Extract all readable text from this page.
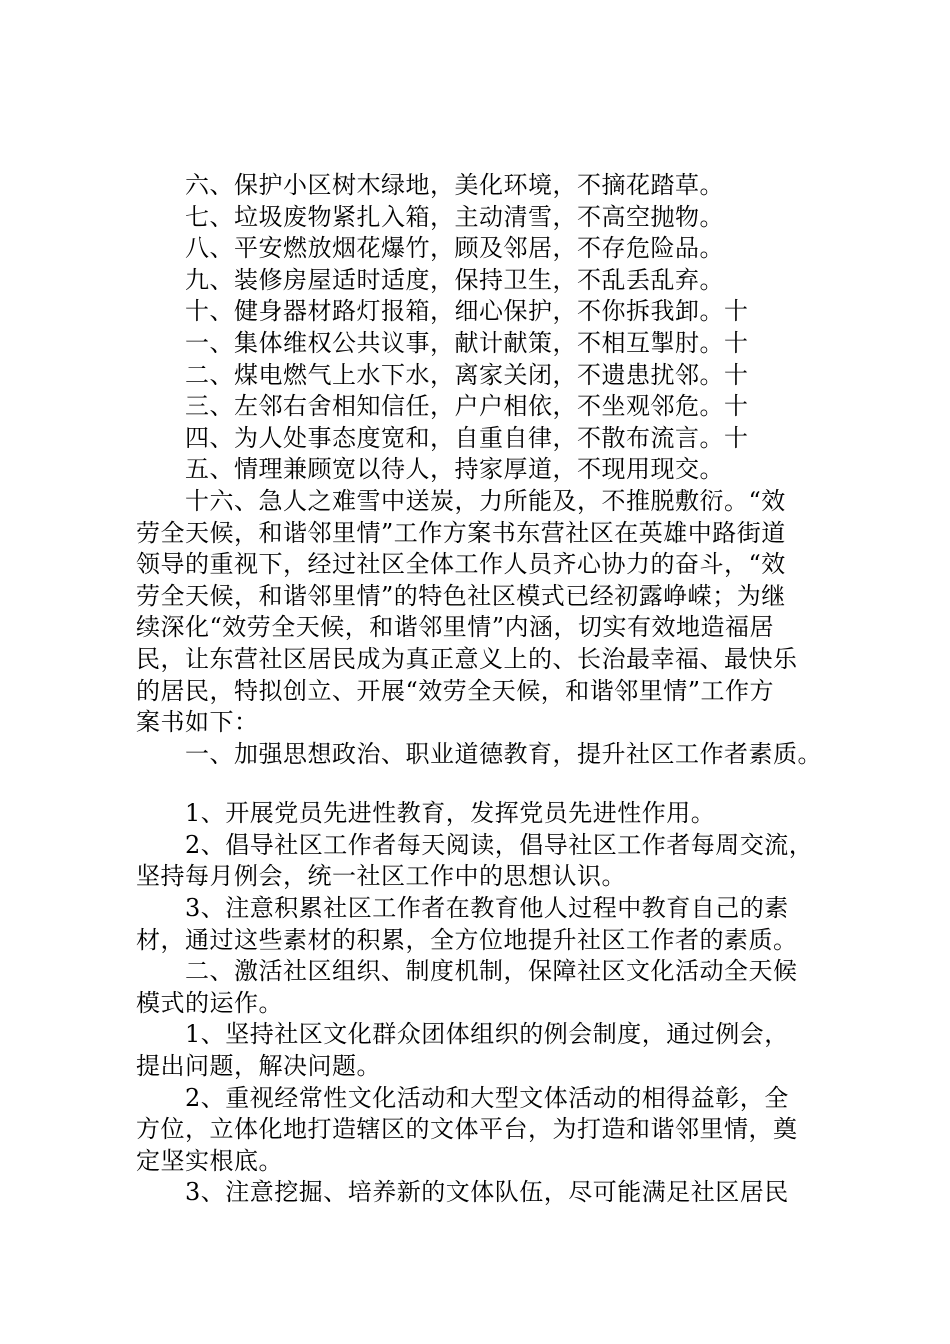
　　六、保护小区树木绿地，美化环境，不摘花踏草。
　　七、垃圾废物紧扎入箱，主动清雪，不高空抛物。
　　八、平安燃放烟花爆竹，顾及邻居，不存危险品。
　　九、装修房屋适时适度，保持卫生，不乱丢乱弃。
　　十、健身器材路灯报箱，细心保护，不你拆我卸。十
　　一、集体维权公共议事，献计献策，不相互掣肘。十
　　二、煤电燃气上水下水，离家关闭，不遗患扰邻。十
　　三、左邻右舍相知信任，户户相依，不坐观邻危。十
　　四、为人处事态度宽和，自重自律，不散布流言。十
　　五、情理兼顾宽以待人，持家厚道，不现用现交。
　　十六、急人之难雪中送炭，力所能及，不推脱敷衍。“效
劳全天候，和谐邻里情”工作方案书东营社区在英雄中路街道
领导的重视下，经过社区全体工作人员齐心协力的奋斗，“效
劳全天候，和谐邻里情”的特色社区模式已经初露峥嵘；为继
续深化“效劳全天候，和谐邻里情”内涵，切实有效地造福居
民，让东营社区居民成为真正意义上的、长治最幸福、最快乐
的居民，特拟创立、开展“效劳全天候，和谐邻里情”工作方
案书如下：
　　一、加强思想政治、职业道德教育，提升社区工作者素质。
　　1、开展党员先进性教育，发挥党员先进性作用。
　　2、倡导社区工作者每天阅读，倡导社区工作者每周交流，
坚持每月例会，统一社区工作中的思想认识。
　　3、注意积累社区工作者在教育他人过程中教育自己的素
材，通过这些素材的积累，全方位地提升社区工作者的素质。
　　二、激活社区组织、制度机制，保障社区文化活动全天候
模式的运作。
　　1、坚持社区文化群众团体组织的例会制度，通过例会，
提出问题，解决问题。
　　2、重视经常性文化活动和大型文体活动的相得益彰，全
方位，立体化地打造辖区的文体平台，为打造和谐邻里情，奠
定坚实根底。
　　3、注意挖掘、培养新的文体队伍，尽可能满足社区居民
